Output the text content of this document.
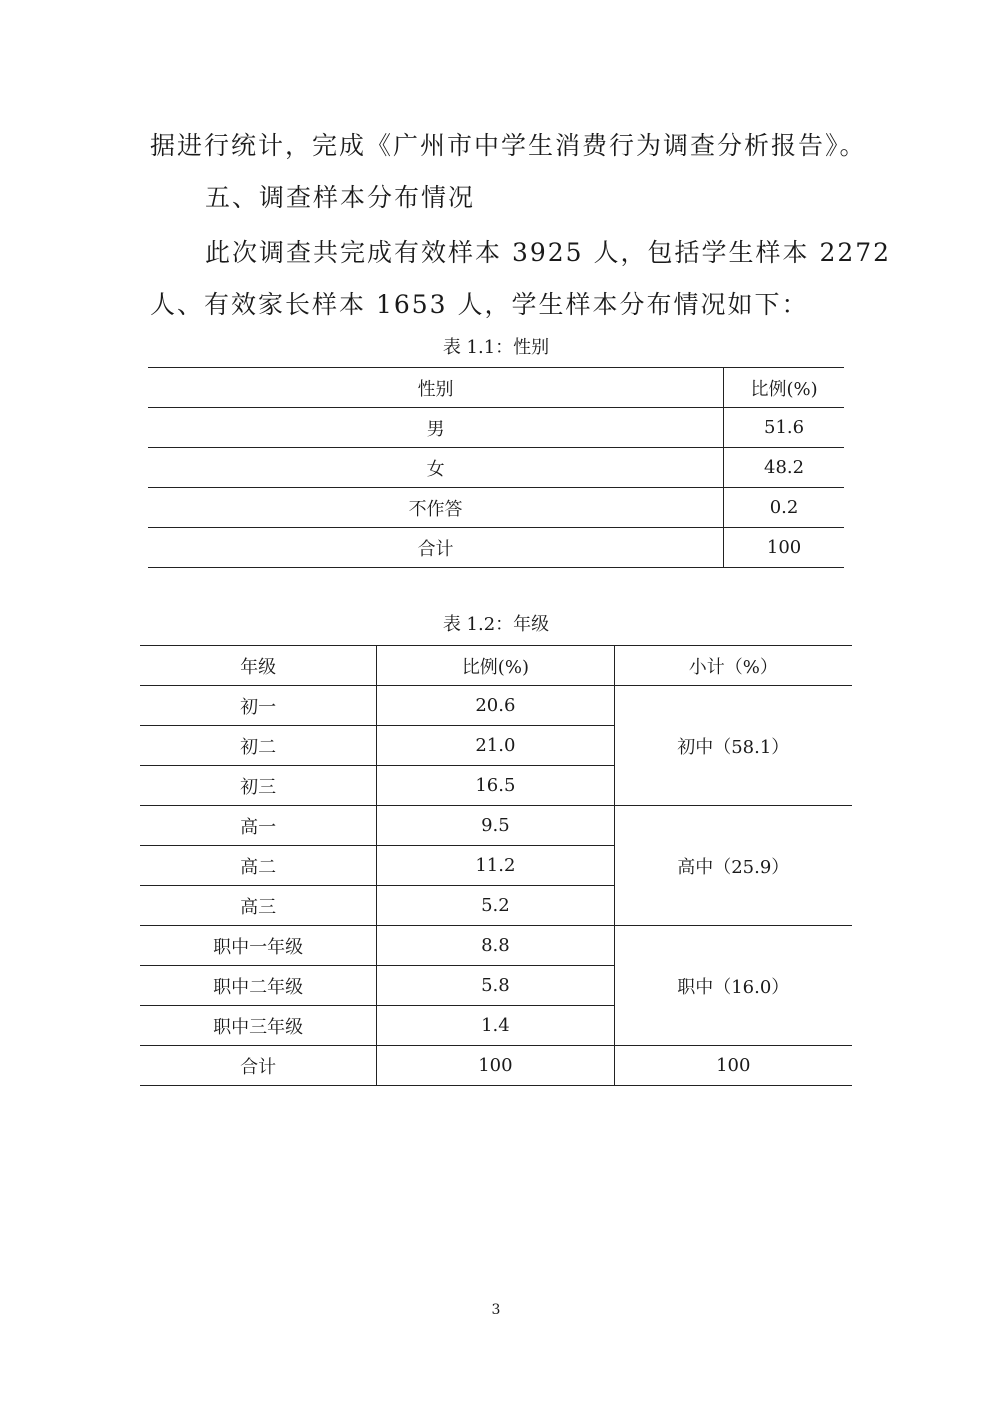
据进行统计，完成《广州市中学生消费行为调查分析报告》。

五、调查样本分布情况

此次调查共完成有效样本 3925 人，包括学生样本 2272

人、有效家长样本 1653 人，学生样本分布情况如下：

表 1.1：性别
性别	比例(%)
男	51.6
女	48.2
不作答	0.2
合计	100
表 1.2：年级
年级	比例(%)	小计（%）
初一	20.6	初中（58.1）
初二	21.0	
初三	16.5	
高一	9.5	高中（25.9）
高二	11.2	
高三	5.2	
职中一年级	8.8	职中（16.0）
职中二年级	5.8	
职中三年级	1.4	
合计	100	100
3
